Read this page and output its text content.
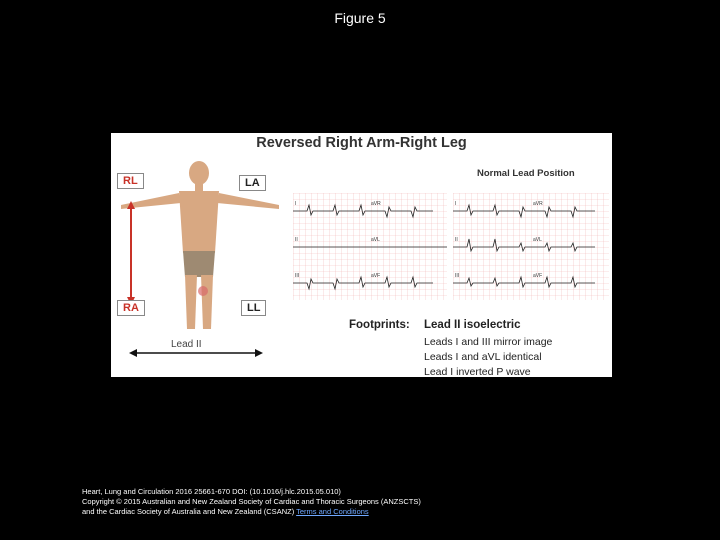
Figure 5
Reversed Right Arm-Right Leg
RL	LA
RA	LL
Lead II
Normal Lead Position
I	aVR
II	aVL
III	aVF
I	aVR
II	aVL
III	aVF
Footprints: Lead II isoelectric
Leads I and III mirror image
Leads I and aVL identical
Lead I inverted P wave
Heart, Lung and Circulation 2016 25661-670 DOI: (10.1016/j.hlc.2015.05.010)
Copyright © 2015 Australian and New Zealand Society of Cardiac and Thoracic Surgeons (ANZSCTS)
and the Cardiac Society of Australia and New Zealand (CSANZ) Terms and Conditions
